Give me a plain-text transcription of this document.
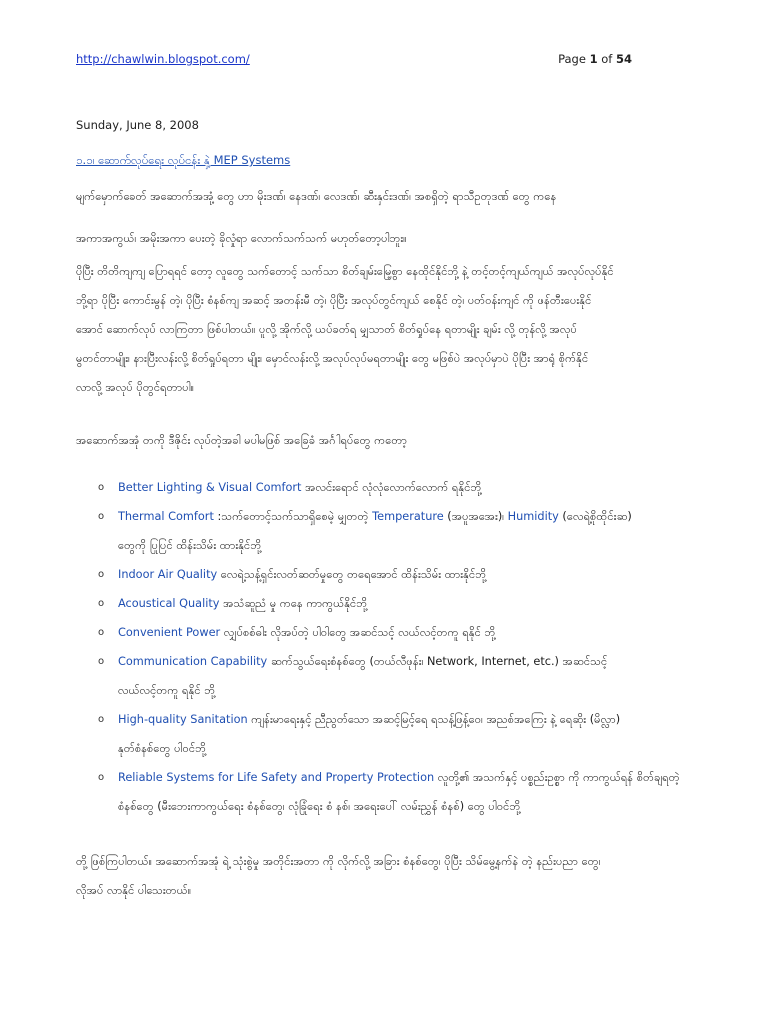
http://chawlwin.blogspot.com/	Page 1 of 54
Sunday, June 8, 2008
၁.၁၊ ဆောက်လုပ်ရေး လုပ်ငန်း နှဲ့ MEP Systems
မျက်မှောက်ခေတ် အဆောက်အအုံ့ တွေ ဟာ မိုးဒဏ်၊ နေဒဏ်၊ လေဒဏ်၊ ဆီးနှင်းဒဏ်၊ အစရှိတဲ့ ရာသီဥတုဒဏ် တွေ ကနေ
အကာအကွယ်၊ အမိုးအကာ ပေးတဲ့ ခိုလှုံရာ လောက်သက်သက် မဟုတ်တော့ပါဘူး။
ပိုပြီး တိတိကျကျ ပြောရရင် တော့ လူတွေ သက်တောင့် သက်သာ စိတ်ချမ်းမြေ့စွာ နေထိုင်နိုင်ဘို့ နဲ့ တင့်တင့်ကျယ်ကျယ် အလုပ်လုပ်နိုင်
ဘို့ရာ ပိုပြီး ကောင်းမွန် တဲ့၊ ပိုပြီး စံနစ်ကျ အဆင့် အတန်းမီ တဲ့၊ ပိုပြီး အလုပ်တွင်ကျယ် စေနိုင် တဲ့၊ ပတ်ဝန်းကျင် ကို ဖန်တီးပေးနိုင်
အောင် ဆောက်လုပ် လာကြတာ ဖြစ်ပါတယ်။ ပူလို့ အိုက်လို့ ယပ်ခတ်ရ မျှသာတ် စိတ်ရှုပ်နေ ရတာမျိုး ချမ်း လို့ တုန်လို့ အလုပ်
မွတင်တာမျိုး၊ နားပြီးလန်းလို့ စိတ်ရှုပ်ရတာ မျိုး၊ မှောင်လန်းလို့ အလုပ်လုပ်မရတာမျိုး တွေ မဖြစ်ပဲ အလုပ်မှာပဲ ပိုပြီး အာရုံ စိုက်နိုင်
လာလို့ အလုပ် ပိုတွင်ရတာပါ။
အဆောက်အအုံ တကို ဒီဇိုင်း လုပ်တဲ့အခါ မပါမဖြစ် အခြေခံ အင်္ဂါရပ်တွေ ကတော့
o Better Lighting & Visual Comfort အလင်းရောင် လုံလုံလောက်လောက် ရနိုင်ဘို့
o Thermal Comfort :သက်တောင့်သက်သာရှိစေမဲ့ မျှတတဲ့ Temperature (အပူအအေး)၊ Humidity (လေရဲ့စိုထိုင်းဆ)
တွေကို ပြုပြင် ထိန်းသိမ်း ထားနိုင်ဘို့
o Indoor Air Quality လေရဲ့သန့်ရှင်းလတ်ဆတ်မှုတွေ တရေအောင် ထိန်းသိမ်း ထားနိုင်ဘို့
o Acoustical Quality အသံဆူညံ မှု ကနေ ကာကွယ်နိုင်ဘို့
o Convenient Power လျှပ်စစ်ဓါး လိုအပ်တဲ့ ပါဝါတွေ အဆင်သင့် လယ်လင့်တကူ ရနိုင် ဘို့
o Communication Capability ဆက်သွယ်ရေးစံနစ်တွေ (တယ်လီဖုန်း၊ Network, Internet, etc.) အဆင်သင့်
လယ်လင့်တကူ ရနိုင် ဘို့
o High-quality Sanitation ကျန်းမာရေးနှင့် ညီညွတ်သော အဆင့်မြင့်ရေ ရသန့်ဖြန့်ဝေ၊ အညစ်အကြေး နဲ့ ရေဆိုး (မိလ္လာ)
နုတ်စံနစ်တွေ ပါဝင်ဘို့
o Reliable Systems for Life Safety and Property Protection လူတို့၏ အသက်နှင့် ပစ္စည်းဥစ္စာ ကို ကာကွယ်ရန် စိတ်ချရတဲ့
စံနစ်တွေ (မီးဘေးကာကွယ်ရေး စံနစ်တွေ၊ လုံခြုံရေး စံ နစ်၊ အရေးပေါ် လမ်းညွှန် စံနစ်) တွေ ပါဝင်ဘို့
တို့ ဖြစ်ကြပါတယ်။ အဆောက်အအုံ ရဲ့ သုံးစွဲမှု အတိုင်းအတာ ကို လိုက်လို့ အခြား စံနစ်တွေ၊ ပိုပြီး သိမ်မွေ့နက်နဲ တဲ့ နည်းပညာ တွေ၊
လိုအပ် လာနိုင် ပါသေးတယ်။
